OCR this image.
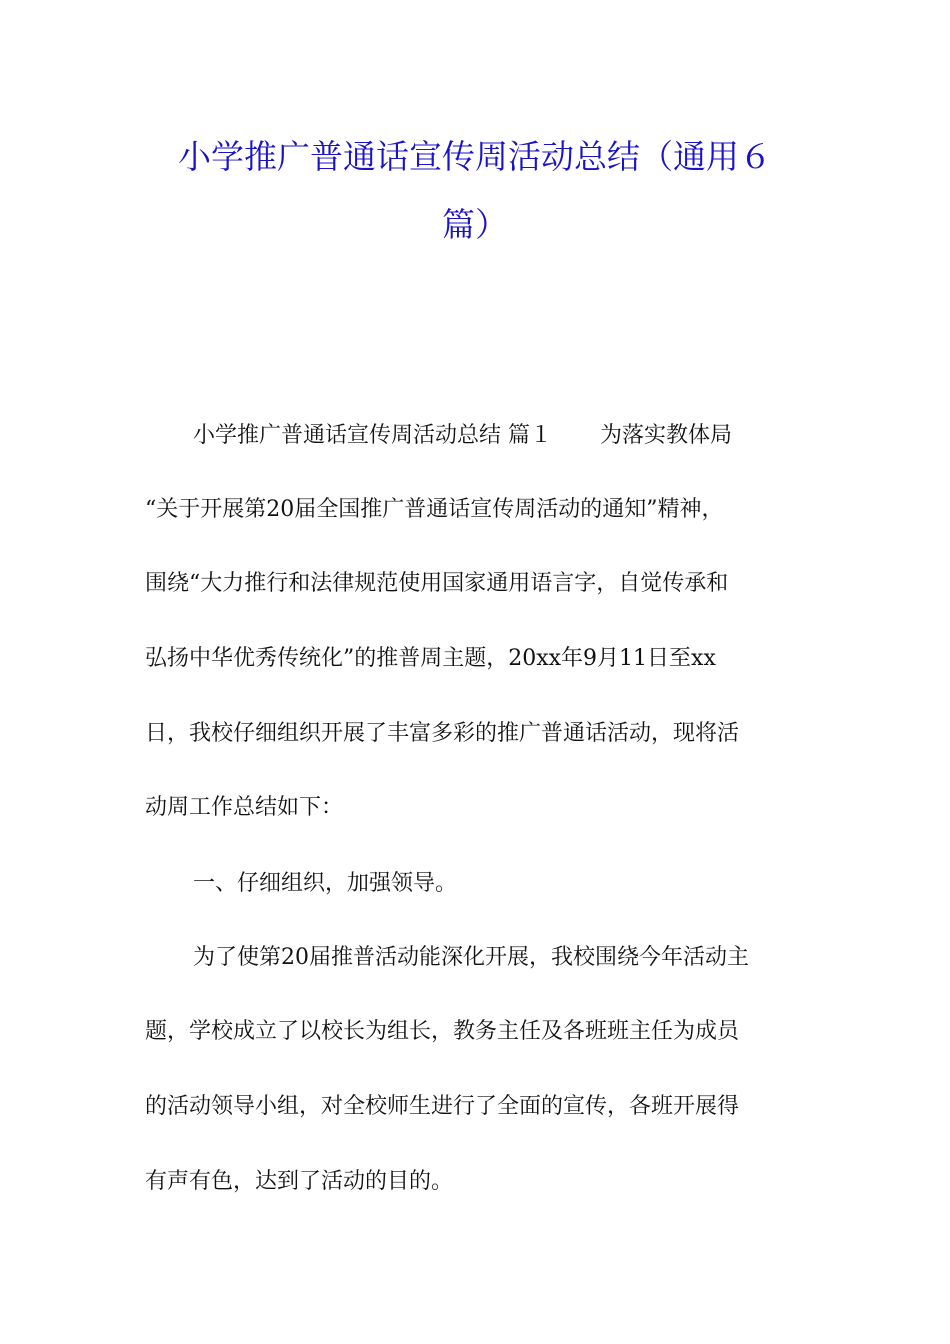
小学推广普通话宣传周活动总结（通用６
篇）

小学推广普通话宣传周活动总结 篇１ 为落实教体局

“关于开展第20届全国推广普通话宣传周活动的通知”精神，

围绕“大力推行和法律规范使用国家通用语言字，自觉传承和

弘扬中华优秀传统化”的推普周主题，20xx年9月11日至xx

日，我校仔细组织开展了丰富多彩的推广普通话活动，现将活

动周工作总结如下：

一、仔细组织，加强领导。

为了使第20届推普活动能深化开展，我校围绕今年活动主

题，学校成立了以校长为组长，教务主任及各班班主任为成员

的活动领导小组，对全校师生进行了全面的宣传，各班开展得

有声有色，达到了活动的目的。
